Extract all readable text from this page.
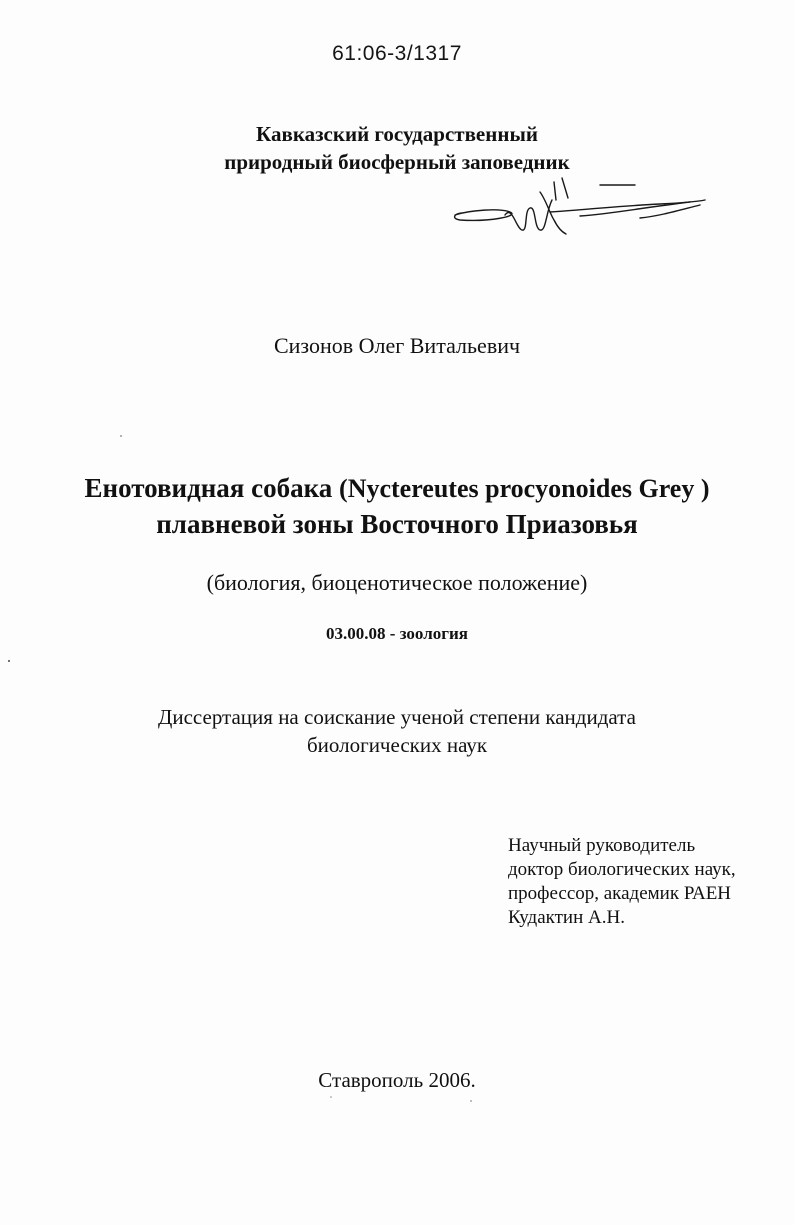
61:06-3/1317
Кавказский государственный
природный биосферный заповедник
Сизонов Олег Витальевич
Енотовидная собака (Nyctereutes procyonoides Grey )
плавневой зоны Восточного Приазовья
(биология, биоценотическое положение)
03.00.08 - зоология
Диссертация на соискание ученой степени кандидата
биологических наук
Научный руководитель
доктор биологических наук,
профессор, академик РАЕН
Кудактин А.Н.
Ставрополь 2006.
